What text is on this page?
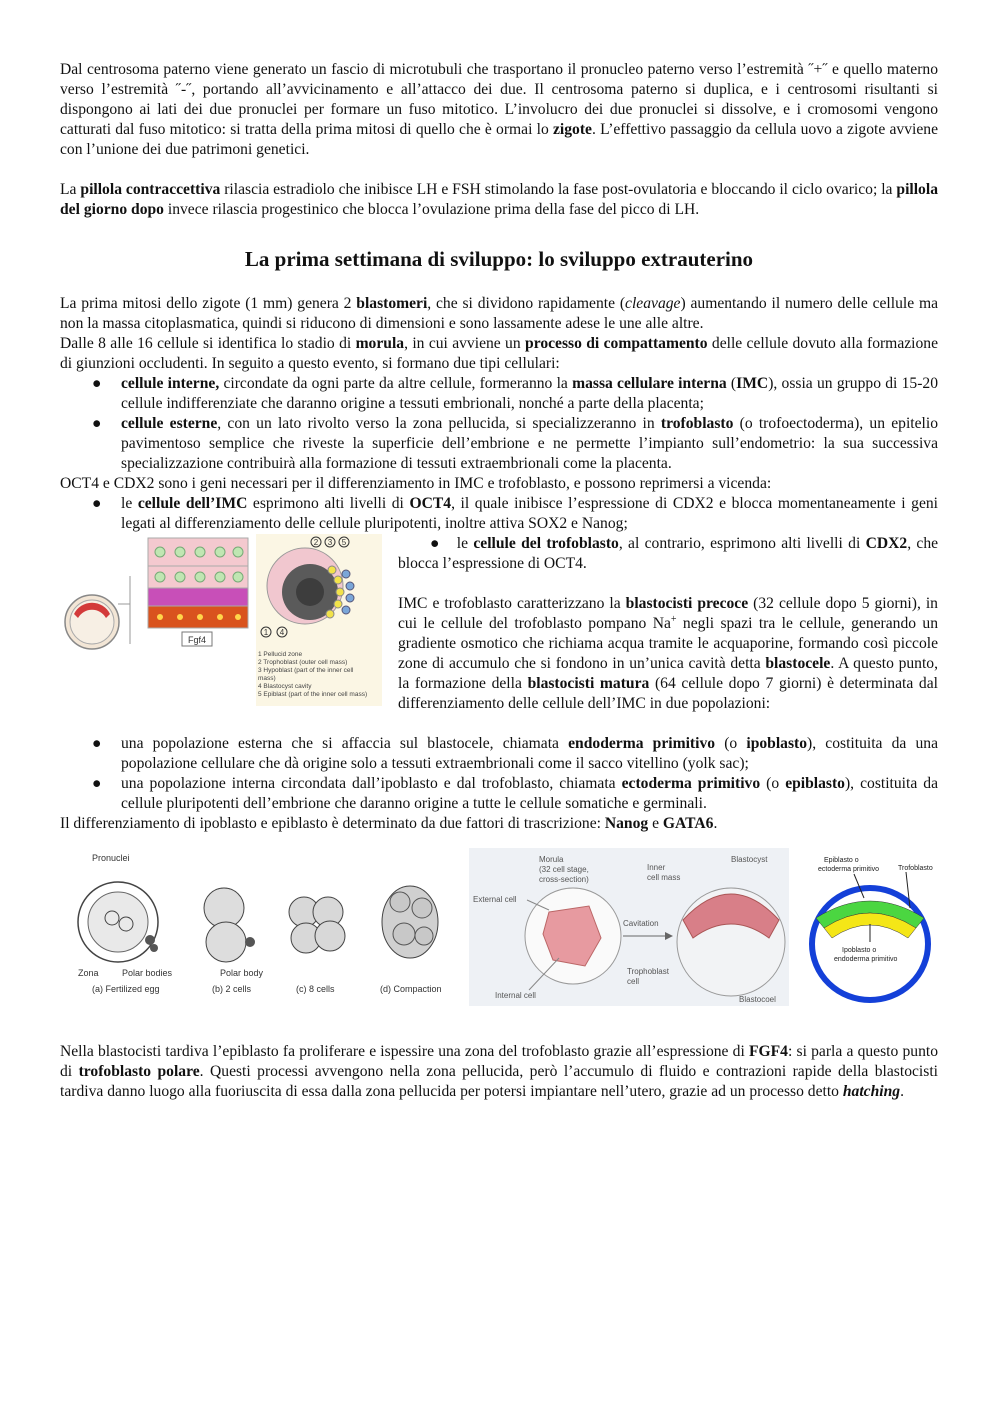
Dal centrosoma paterno viene generato un fascio di microtubuli che trasportano il pronucleo paterno verso l’estremità ˝+˝ e quello materno verso l’estremità ˝-˝, portando all’avvicinamento e all’attacco dei due. Il centrosoma paterno si duplica, e i centrosomi risultanti si dispongono ai lati dei due pronuclei per formare un fuso mitotico. L’involucro dei due pronuclei si dissolve, e i cromosomi vengono catturati dal fuso mitotico: si tratta della prima mitosi di quello che è ormai lo zigote. L’effettivo passaggio da cellula uovo a zigote avviene con l’unione dei due patrimoni genetici.

La pillola contraccettiva rilascia estradiolo che inibisce LH e FSH stimolando la fase post-ovulatoria e bloccando il ciclo ovarico; la pillola del giorno dopo invece rilascia progestinico che blocca l’ovulazione prima della fase del picco di LH.

La prima settimana di sviluppo: lo sviluppo extrauterino

La prima mitosi dello zigote (1 mm) genera 2 blastomeri, che si dividono rapidamente (cleavage) aumentando il numero delle cellule ma non la massa citoplasmatica, quindi si riducono di dimensioni e sono lassamente adese le une alle altre.

Dalle 8 alle 16 cellule si identifica lo stadio di morula, in cui avviene un processo di compattamento delle cellule dovuto alla formazione di giunzioni occludenti. In seguito a questo evento, si formano due tipi cellulari:

● cellule interne, circondate da ogni parte da altre cellule, formeranno la massa cellulare interna (IMC), ossia un gruppo di 15-20 cellule indifferenziate che daranno origine a tessuti embrionali, nonché a parte della placenta;
● cellule esterne, con un lato rivolto verso la zona pellucida, si specializzeranno in trofoblasto (o trofoectoderma), un epitelio pavimentoso semplice che riveste la superficie dell’embrione e ne permette l’impianto sull’endometrio: la sua successiva specializzazione contribuirà alla formazione di tessuti extraembrionali come la placenta.

OCT4 e CDX2 sono i geni necessari per il differenziamento in IMC e trofoblasto, e possono reprimersi a vicenda:

● le cellule dell’IMC esprimono alti livelli di OCT4, il quale inibisce l’espressione di CDX2 e blocca momentaneamente i geni legati al differenziamento delle cellule pluripotenti, inoltre attiva SOX2 e Nanog;
Fgf4
2 3 5
1 4
1 Pellucid zone
2 Trophoblast (outer cell mass)
3 Hypoblast (part of the inner cell
mass)
4 Blastocyst cavity
5 Epiblast (part of the inner cell mass)

● le cellule del trofoblasto, al contrario, esprimono alti livelli di CDX2, che blocca l’espressione di OCT4.

IMC e trofoblasto caratterizzano la blastocisti precoce (32 cellule dopo 5 giorni), in cui le cellule del trofoblasto pompano Na+ negli spazi tra le cellule, generando un gradiente osmotico che richiama acqua tramite le acquaporine, formando così piccole zone di accumulo che si fondono in un’unica cavità detta blastocele. A questo punto, la formazione della blastocisti matura (64 cellule dopo 7 giorni) è determinata dal differenziamento delle cellule dell’IMC in due popolazioni:

● una popolazione esterna che si affaccia sul blastocele, chiamata endoderma primitivo (o ipoblasto), costituita da una popolazione cellulare che dà origine solo a tessuti extraembrionali come il sacco vitellino (yolk sac);
● una popolazione interna circondata dall’ipoblasto e dal trofoblasto, chiamata ectoderma primitivo (o epiblasto), costituita da cellule pluripotenti dell’embrione che daranno origine a tutte le cellule somatiche e germinali.

Il differenziamento di ipoblasto e epiblasto è determinato da due fattori di trascrizione: Nanog e GATA6.

Pronuclei
Zona	Polar bodies
(a) Fertilized egg
Polar body
(b) 2 cells	(c) 8 cells	(d) Compaction
Morula
(32 cell stage,
cross-section)
External cell
Internal cell
Inner
cell mass
Blastocyst
Cavitation
Trophoblast
cell
Blastocoel
Epiblasto o
ectoderma primitivo	Trofoblasto
Ipoblasto o
endoderma primitivo

Nella blastocisti tardiva l’epiblasto fa proliferare e ispessire una zona del trofoblasto grazie all’espressione di FGF4: si parla a questo punto di trofoblasto polare. Questi processi avvengono nella zona pellucida, però l’accumulo di fluido e contrazioni rapide della blastocisti tardiva danno luogo alla fuoriuscita di essa dalla zona pellucida per potersi impiantare nell’utero, grazie ad un processo detto hatching.
